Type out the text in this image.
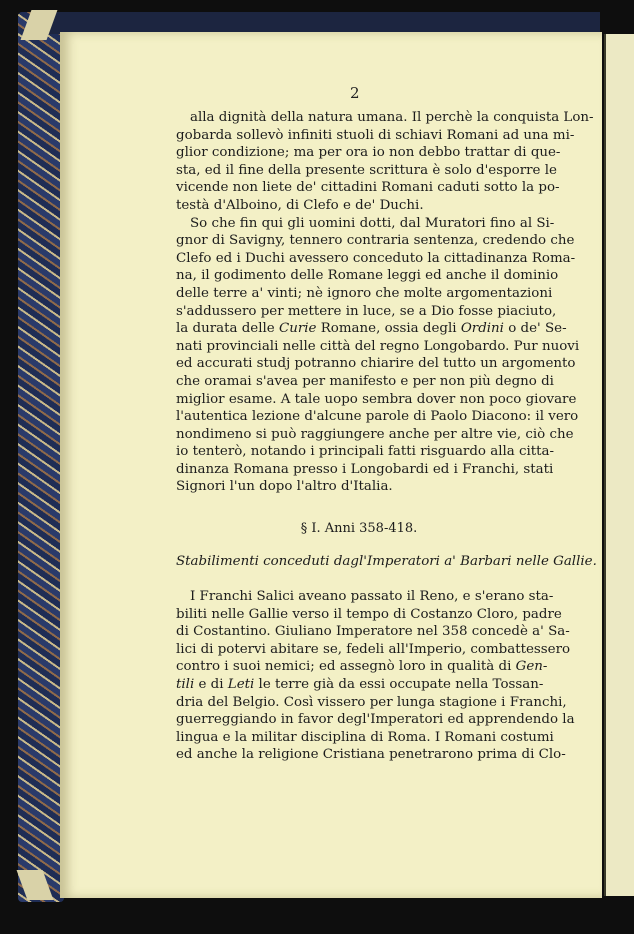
2
alla dignità della natura umana. Il perchè la conquista Lon-
gobarda sollevò infiniti stuoli di schiavi Romani ad una mi-
glior condizione; ma per ora io non debbo trattar di que-
sta, ed il fine della presente scrittura è solo d'esporre le
vicende non liete de' cittadini Romani caduti sotto la po-
testà d'Alboino, di Clefo e de' Duchi.
So che fin qui gli uomini dotti, dal Muratori fino al Si-
gnor di Savigny, tennero contraria sentenza, credendo che
Clefo ed i Duchi avessero conceduto la cittadinanza Roma-
na, il godimento delle Romane leggi ed anche il dominio
delle terre a' vinti; nè ignoro che molte argomentazioni
s'addussero per mettere in luce, se a Dio fosse piaciuto,
la durata delle Curie Romane, ossia degli Ordini o de' Se-
nati provinciali nelle città del regno Longobardo. Pur nuovi
ed accurati studj potranno chiarire del tutto un argomento
che oramai s'avea per manifesto e per non più degno di
miglior esame. A tale uopo sembra dover non poco giovare
l'autentica lezione d'alcune parole di Paolo Diacono: il vero
nondimeno si può raggiungere anche per altre vie, ciò che
io tenterò, notando i principali fatti risguardo alla citta-
dinanza Romana presso i Longobardi ed i Franchi, stati
Signori l'un dopo l'altro d'Italia.
§ I. Anni 358-418.
Stabilimenti conceduti dagl'Imperatori a' Barbari nelle Gallie.
I Franchi Salici aveano passato il Reno, e s'erano sta-
biliti nelle Gallie verso il tempo di Costanzo Cloro, padre
di Costantino. Giuliano Imperatore nel 358 concedè a' Sa-
lici di potervi abitare se, fedeli all'Imperio, combattessero
contro i suoi nemici; ed assegnò loro in qualità di Gen-
tili e di Leti le terre già da essi occupate nella Tossan-
dria del Belgio. Così vissero per lunga stagione i Franchi,
guerreggiando in favor degl'Imperatori ed apprendendo la
lingua e la militar disciplina di Roma. I Romani costumi
ed anche la religione Cristiana penetrarono prima di Clo-
